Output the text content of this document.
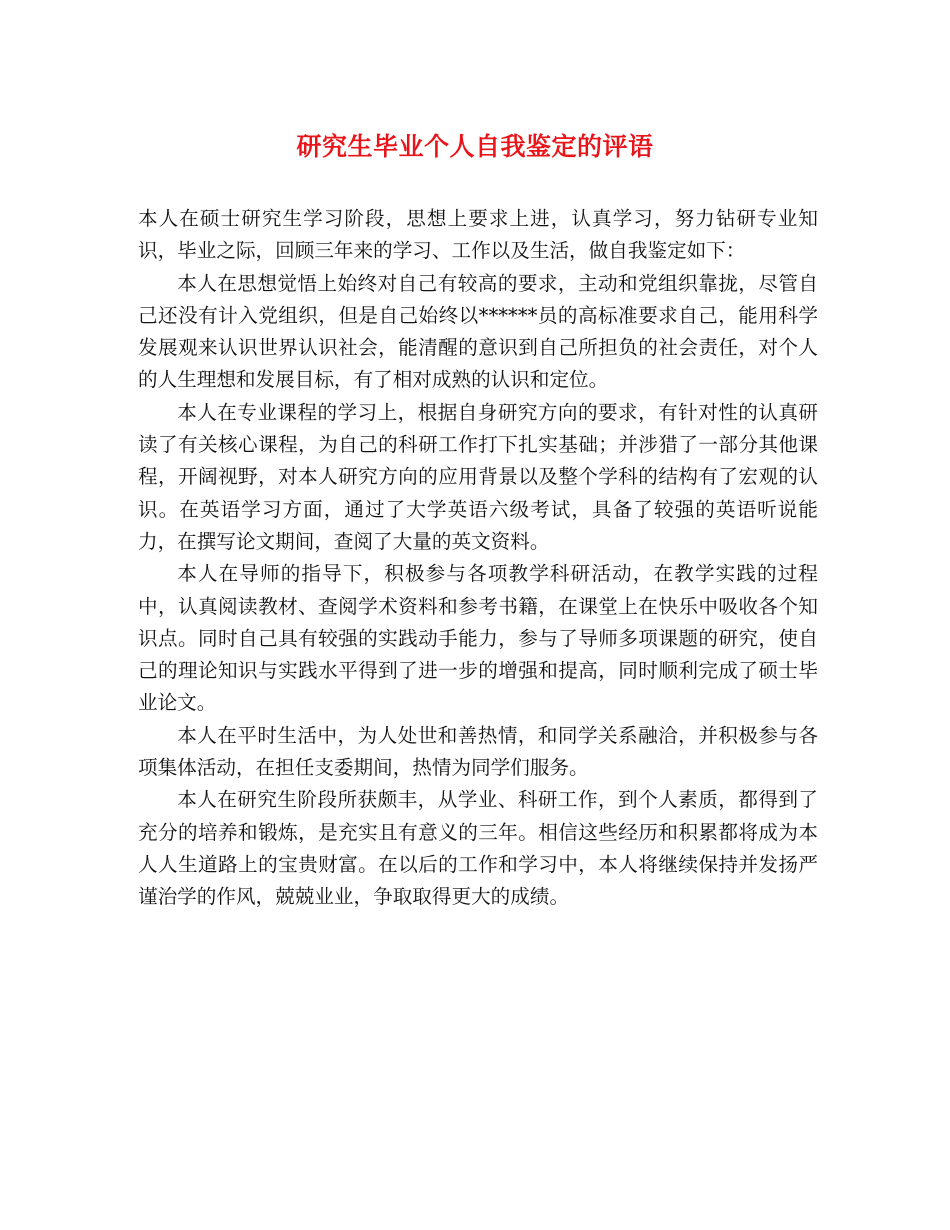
研究生毕业个人自我鉴定的评语

本人在硕士研究生学习阶段，思想上要求上进，认真学习，努力钻研专业知识，毕业之际，回顾三年来的学习、工作以及生活，做自我鉴定如下：

本人在思想觉悟上始终对自己有较高的要求，主动和党组织靠拢，尽管自己还没有计入党组织，但是自己始终以******员的高标准要求自己，能用科学发展观来认识世界认识社会，能清醒的意识到自己所担负的社会责任，对个人的人生理想和发展目标，有了相对成熟的认识和定位。

本人在专业课程的学习上，根据自身研究方向的要求，有针对性的认真研读了有关核心课程，为自己的科研工作打下扎实基础；并涉猎了一部分其他课程，开阔视野，对本人研究方向的应用背景以及整个学科的结构有了宏观的认识。在英语学习方面，通过了大学英语六级考试，具备了较强的英语听说能力，在撰写论文期间，查阅了大量的英文资料。

本人在导师的指导下，积极参与各项教学科研活动，在教学实践的过程中，认真阅读教材、查阅学术资料和参考书籍，在课堂上在快乐中吸收各个知识点。同时自己具有较强的实践动手能力，参与了导师多项课题的研究，使自己的理论知识与实践水平得到了进一步的增强和提高，同时顺利完成了硕士毕业论文。

本人在平时生活中，为人处世和善热情，和同学关系融洽，并积极参与各项集体活动，在担任支委期间，热情为同学们服务。

本人在研究生阶段所获颇丰，从学业、科研工作，到个人素质，都得到了充分的培养和锻炼，是充实且有意义的三年。相信这些经历和积累都将成为本人人生道路上的宝贵财富。在以后的工作和学习中，本人将继续保持并发扬严谨治学的作风，兢兢业业，争取取得更大的成绩。
